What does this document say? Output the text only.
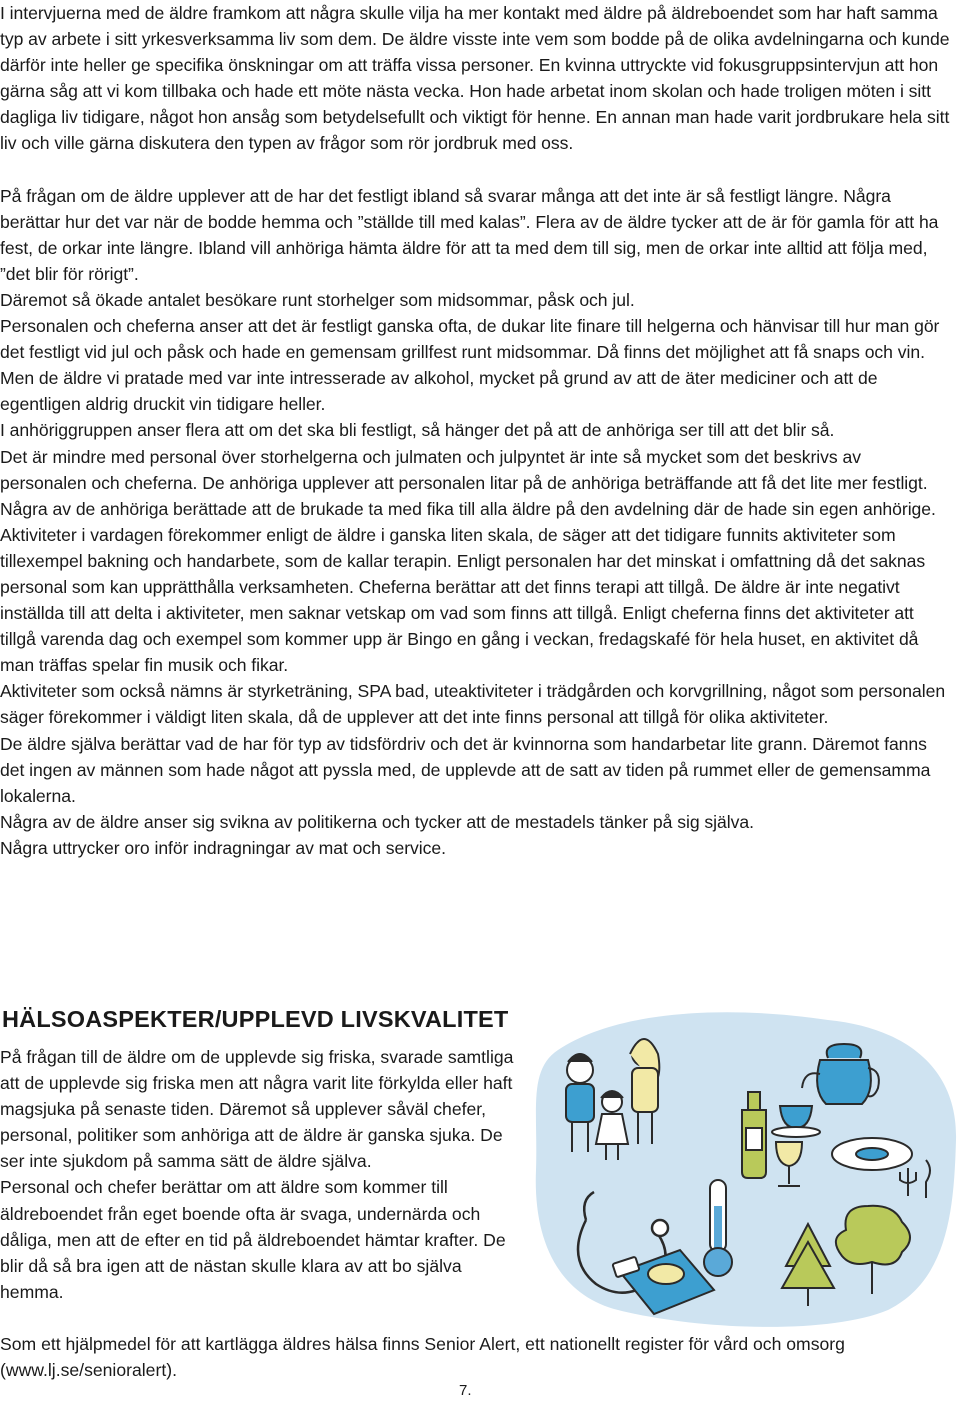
I intervjuerna med de äldre framkom att några skulle vilja ha mer kontakt med äldre på äldreboendet som har haft samma typ av arbete i sitt yrkesverksamma liv som dem. De äldre visste inte vem som bodde på de olika avdelningarna och kunde därför inte heller ge specifika önskningar om att träffa vissa personer. En kvinna uttryckte vid fokusgruppsintervjun att hon gärna såg att vi kom tillbaka och hade ett möte nästa vecka. Hon hade arbetat inom skolan och hade troligen möten i sitt dagliga liv tidigare, något hon ansåg som betydelsefullt och viktigt för henne. En annan man hade varit jordbrukare hela sitt liv och ville gärna diskutera den typen av frågor som rör jordbruk med oss.

På frågan om de äldre upplever att de har det festligt ibland så svarar många att det inte är så festligt längre. Några berättar hur det var när de bodde hemma och ”ställde till med kalas”. Flera av de äldre tycker att de är för gamla för att ha fest, de orkar inte längre. Ibland vill anhöriga hämta äldre för att ta med dem till sig, men de orkar inte alltid att följa med, ”det blir för rörigt”.

Däremot så ökade antalet besökare runt storhelger som midsommar, påsk och jul.

Personalen och cheferna anser att det är festligt ganska ofta, de dukar lite finare till helgerna och hänvisar till hur man gör det festligt vid jul och påsk och hade en gemensam grillfest runt midsommar. Då finns det möjlighet att få snaps och vin. Men de äldre vi pratade med var inte intresserade av alkohol, mycket på grund av att de äter mediciner och att de egentligen aldrig druckit vin tidigare heller.

I anhöriggruppen anser flera att om det ska bli festligt, så hänger det på att de anhöriga ser till att det blir så.

Det är mindre med personal över storhelgerna och julmaten och julpyntet är inte så mycket som det beskrivs av personalen och cheferna. De anhöriga upplever att personalen litar på de anhöriga beträffande att få det lite mer festligt. Några av de anhöriga berättade att de brukade ta med fika till alla äldre på den avdelning där de hade sin egen anhörige.

Aktiviteter i vardagen förekommer enligt de äldre i ganska liten skala, de säger att det tidigare funnits aktiviteter som tillexempel bakning och handarbete, som de kallar terapin. Enligt personalen har det minskat i omfattning då det saknas personal som kan upprätthålla verksamheten. Cheferna berättar att det finns terapi att tillgå. De äldre är inte negativt inställda till att delta i aktiviteter, men saknar vetskap om vad som finns att tillgå. Enligt cheferna finns det aktiviteter att tillgå varenda dag och exempel som kommer upp är Bingo en gång i veckan, fredagskafé för hela huset, en aktivitet då man träffas spelar fin musik och fikar.

Aktiviteter som också nämns är styrketräning, SPA bad, uteaktiviteter i trädgården och korvgrillning, något som personalen säger förekommer i väldigt liten skala, då de upplever att det inte finns personal att tillgå för olika aktiviteter.

De äldre själva berättar vad de har för typ av tidsfördriv och det är kvinnorna som handarbetar lite grann. Däremot fanns det ingen av männen som hade något att pyssla med, de upplevde att de satt av tiden på rummet eller de gemensamma lokalerna.

Några av de äldre anser sig svikna av politikerna och tycker att de mestadels tänker på sig själva.

Några uttrycker oro inför indragningar av mat och service.

HÄLSOASPEKTER/UPPLEVD LIVSKVALITET

På frågan till de äldre om de upplevde sig friska, svarade samtliga att de upplevde sig friska men att några varit lite förkylda eller haft magsjuka på senaste tiden. Däremot så upplever såväl chefer, personal, politiker som anhöriga att de äldre är ganska sjuka. De ser inte sjukdom på samma sätt de äldre själva.

Personal och chefer berättar om att äldre som kommer till äldreboendet från eget boende ofta är svaga, undernärda och dåliga, men att de efter en tid på äldreboendet hämtar krafter. De blir då så bra igen att de nästan skulle klara av att bo själva hemma.

Som ett hjälpmedel för att kartlägga äldres hälsa finns Senior Alert, ett nationellt register för vård och omsorg (www.lj.se/senioralert).

7.
